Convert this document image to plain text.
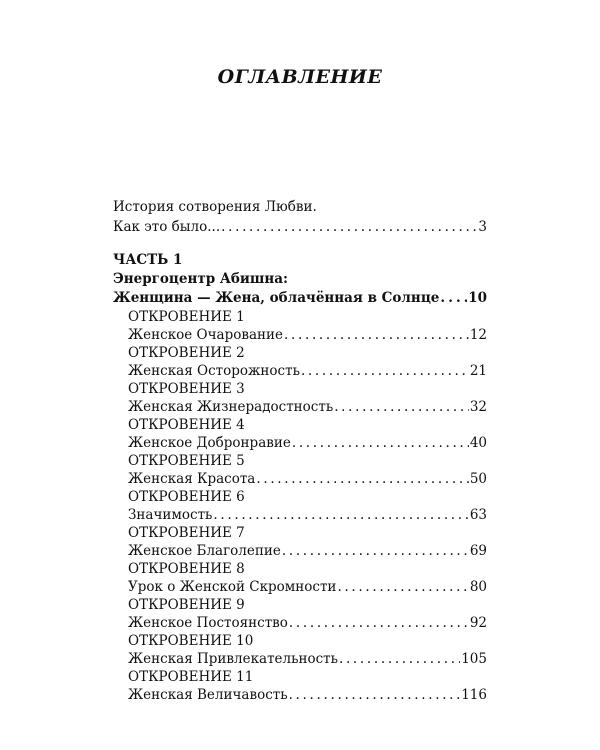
ОГЛАВЛЕНИЕ
История сотворения Любви.
Как это было... . . .	3
ЧАСТЬ 1
Энергоцентр Абишна:
Женщина — Жена, облачённая в Солнце . . . 10
ОТКРОВЕНИЕ 1
Женское Очарование . . .	12
ОТКРОВЕНИЕ 2
Женская Осторожность . . .	21
ОТКРОВЕНИЕ 3
Женская Жизнерадостность . . .	32
ОТКРОВЕНИЕ 4
Женское Добронравие . . .	40
ОТКРОВЕНИЕ 5
Женская Красота . . .	50
ОТКРОВЕНИЕ 6
Значимость . . .	63
ОТКРОВЕНИЕ 7
Женское Благолепие . . .	69
ОТКРОВЕНИЕ 8
Урок о Женской Скромности . . .	80
ОТКРОВЕНИЕ 9
Женское Постоянство . . .	92
ОТКРОВЕНИЕ 10
Женская Привлекательность . . .	105
ОТКРОВЕНИЕ 11
Женская Величавость . . .	116
